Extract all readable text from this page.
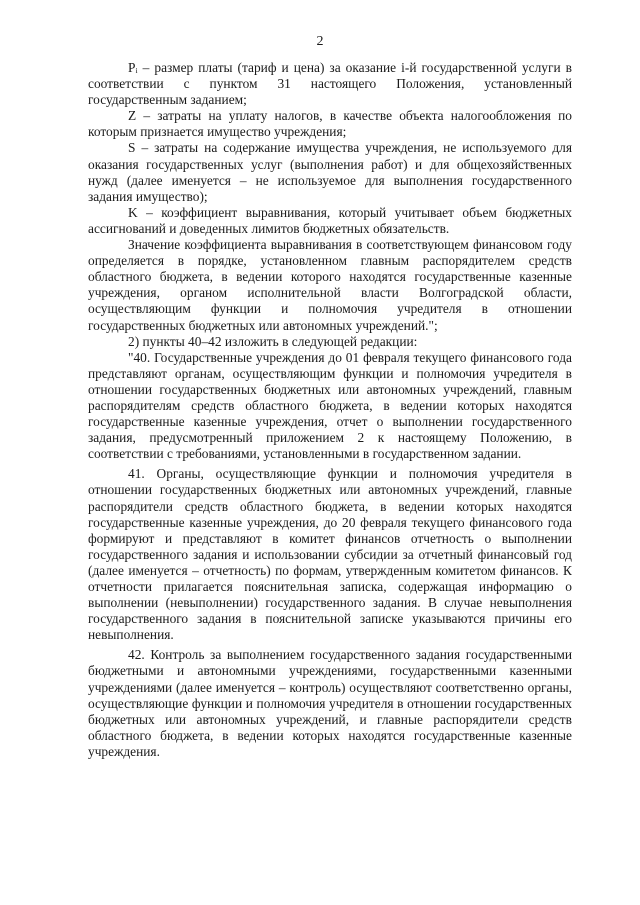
2

Pᵢ – размер платы (тариф и цена) за оказание i-й государственной услуги в соответствии с пунктом 31 настоящего Положения, установленный государственным заданием;

Z – затраты на уплату налогов, в качестве объекта налогообложения по которым признается имущество учреждения;

S – затраты на содержание имущества учреждения, не используемого для оказания государственных услуг (выполнения работ) и для общехозяйственных нужд (далее именуется – не используемое для выполнения государственного задания имущество);

K – коэффициент выравнивания, который учитывает объем бюджетных ассигнований и доведенных лимитов бюджетных обязательств.

Значение коэффициента выравнивания в соответствующем финансовом году определяется в порядке, установленном главным распорядителем средств областного бюджета, в ведении которого находятся государственные казенные учреждения, органом исполнительной власти Волгоградской области, осуществляющим функции и полномочия учредителя в отношении государственных бюджетных или автономных учреждений.";

2) пункты 40–42 изложить в следующей редакции:

"40. Государственные учреждения до 01 февраля текущего финансового года представляют органам, осуществляющим функции и полномочия учредителя в отношении государственных бюджетных или автономных учреждений, главным распорядителям средств областного бюджета, в ведении которых находятся государственные казенные учреждения, отчет о выполнении государственного задания, предусмотренный приложением 2 к настоящему Положению, в соответствии с требованиями, установленными в государственном задании.

41. Органы, осуществляющие функции и полномочия учредителя в отношении государственных бюджетных или автономных учреждений, главные распорядители средств областного бюджета, в ведении которых находятся государственные казенные учреждения, до 20 февраля текущего финансового года формируют и представляют в комитет финансов отчетность о выполнении государственного задания и использовании субсидии за отчетный финансовый год (далее именуется – отчетность) по формам, утвержденным комитетом финансов. К отчетности прилагается пояснительная записка, содержащая информацию о выполнении (невыполнении) государственного задания. В случае невыполнения государственного задания в пояснительной записке указываются причины его невыполнения.

42. Контроль за выполнением государственного задания государственными бюджетными и автономными учреждениями, государственными казенными учреждениями (далее именуется – контроль) осуществляют соответственно органы, осуществляющие функции и полномочия учредителя в отношении государственных бюджетных или автономных учреждений, и главные распорядители средств областного бюджета, в ведении которых находятся государственные казенные учреждения.
